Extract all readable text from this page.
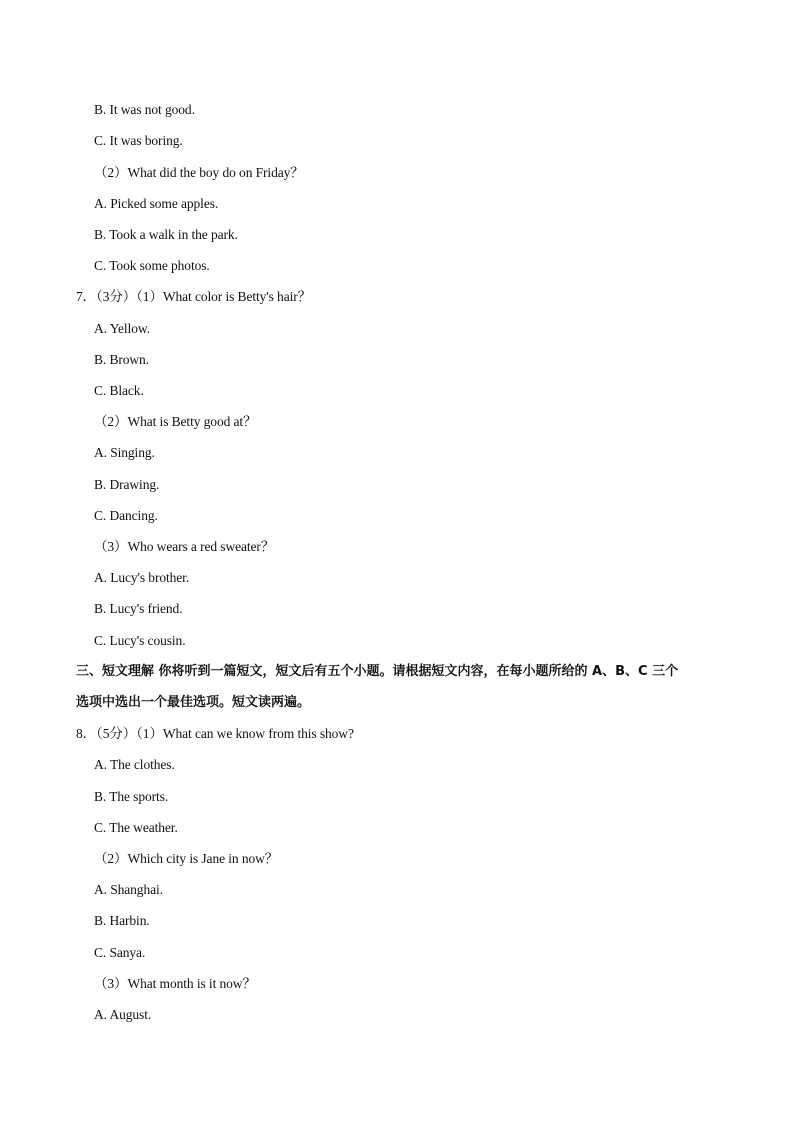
B. It was not good.
C. It was boring.
（2）What did the boy do on Friday？
A. Picked some apples.
B. Took a walk in the park.
C. Took some photos.
7．（3分）（1）What color is Betty's hair？
A. Yellow.
B. Brown.
C. Black.
（2）What is Betty good at？
A. Singing.
B. Drawing.
C. Dancing.
（3）Who wears a red sweater？
A. Lucy's brother.
B. Lucy's friend.
C. Lucy's cousin.
三、短文理解 你将听到一篇短文，短文后有五个小题。请根据短文内容，在每小题所给的 A、B、C 三个
选项中选出一个最佳选项。短文读两遍。
8．（5分）（1）What can we know from this show?
A. The clothes.
B. The sports.
C. The weather.
（2）Which city is Jane in now？
A. Shanghai.
B. Harbin.
C. Sanya.
（3）What month is it now？
A. August.
